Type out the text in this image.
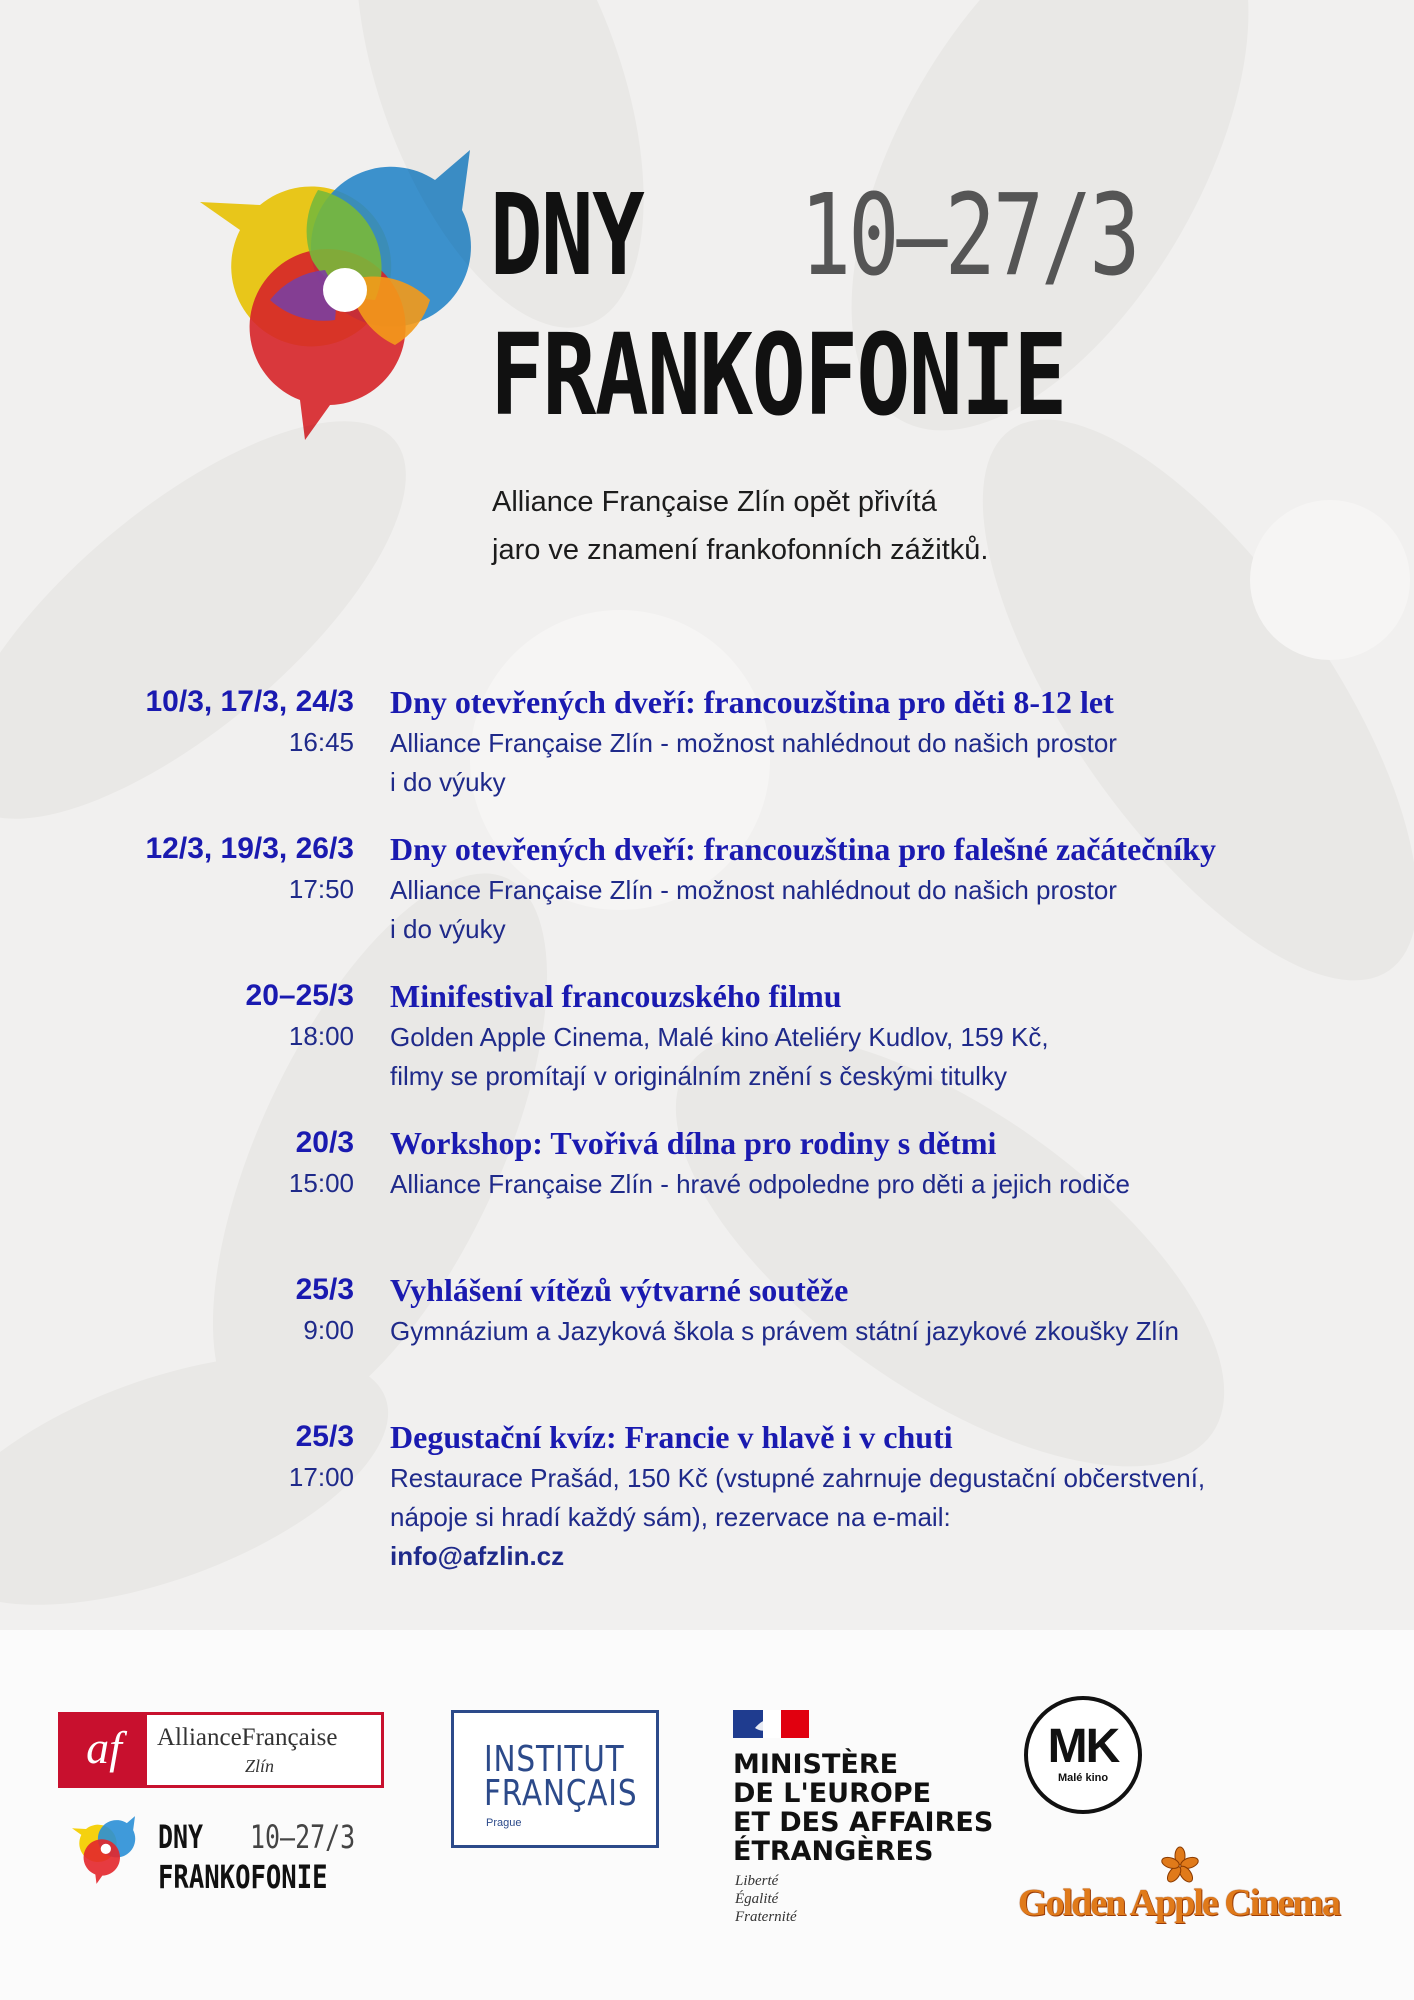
DNY 10–27/3
FRANKOFONIE

Alliance Française Zlín opět přivítá
jaro ve znamení frankofonních zážitků.

10/3, 17/3, 24/3
16:45
Dny otevřených dveří: francouzština pro děti 8-12 let
Alliance Française Zlín - možnost nahlédnout do našich prostor
i do výuky
12/3, 19/3, 26/3
17:50
Dny otevřených dveří: francouzština pro falešné začátečníky
Alliance Française Zlín - možnost nahlédnout do našich prostor
i do výuky
20–25/3
18:00
Minifestival francouzského filmu
Golden Apple Cinema, Malé kino Ateliéry Kudlov, 159 Kč,
filmy se promítají v originálním znění s českými titulky
20/3
15:00
Workshop: Tvořivá dílna pro rodiny s dětmi
Alliance Française Zlín - hravé odpoledne pro děti a jejich rodiče
25/3
9:00
Vyhlášení vítězů výtvarné soutěže
Gymnázium a Jazyková škola s právem státní jazykové zkoušky Zlín
25/3
17:00
Degustační kvíz: Francie v hlavě i v chuti
Restaurace Prašád, 150 Kč (vstupné zahrnuje degustační občerstvení,
nápoje si hradí každý sám), rezervace na e-mail:
info@afzlin.cz
af	AllianceFrançaise
Zlín
DNY 10–27/3
FRANKOFONIE
INSTITUT
FRANÇAIS
Prague
MINISTÈRE
DE L'EUROPE
ET DES AFFAIRES
ÉTRANGÈRES
Liberté
Égalité
Fraternité
MK
Malé kino
Golden Apple Cinema
